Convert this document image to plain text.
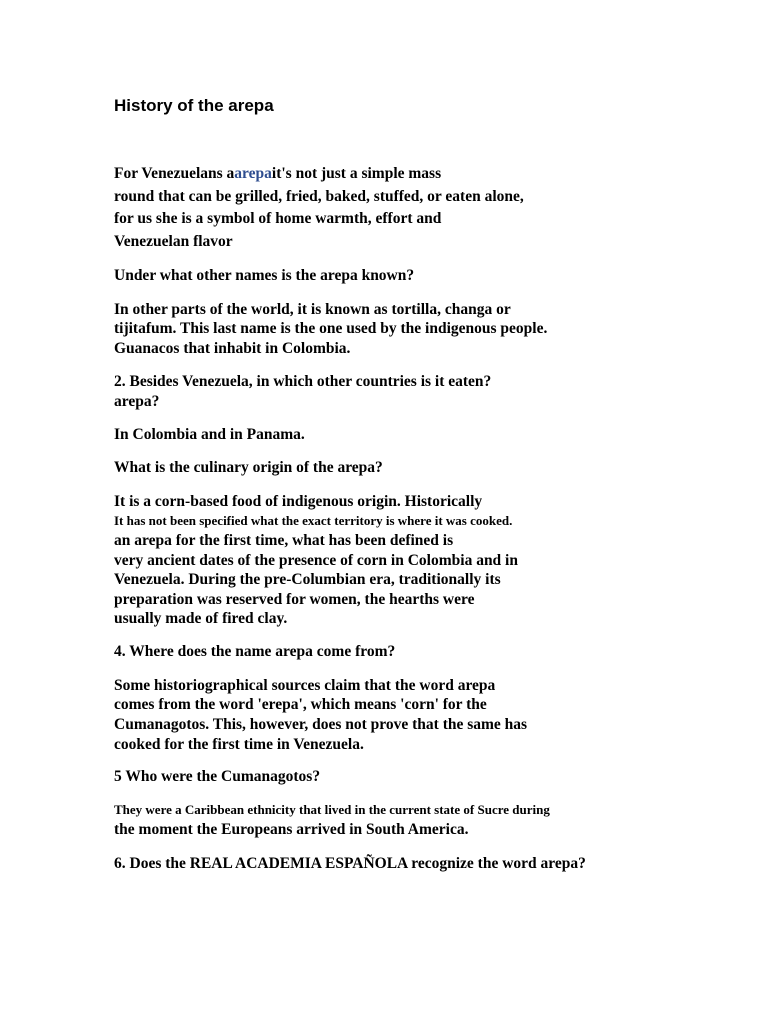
History of the arepa
For Venezuelans aarepait's not just a simple mass
round that can be grilled, fried, baked, stuffed, or eaten alone,
for us she is a symbol of home warmth, effort and
Venezuelan flavor
Under what other names is the arepa known?
In other parts of the world, it is known as tortilla, changa or
tijitafum. This last name is the one used by the indigenous people.
Guanacos that inhabit in Colombia.
2. Besides Venezuela, in which other countries is it eaten?
arepa?
In Colombia and in Panama.
What is the culinary origin of the arepa?
It is a corn-based food of indigenous origin. Historically
It has not been specified what the exact territory is where it was cooked.
an arepa for the first time, what has been defined is
very ancient dates of the presence of corn in Colombia and in
Venezuela. During the pre-Columbian era, traditionally its
preparation was reserved for women, the hearths were
usually made of fired clay.
4. Where does the name arepa come from?
Some historiographical sources claim that the word arepa
comes from the word 'erepa', which means 'corn' for the
Cumanagotos. This, however, does not prove that the same has
cooked for the first time in Venezuela.
5 Who were the Cumanagotos?
They were a Caribbean ethnicity that lived in the current state of Sucre during
the moment the Europeans arrived in South America.
6. Does the REAL ACADEMIA ESPAÑOLA recognize the word arepa?
